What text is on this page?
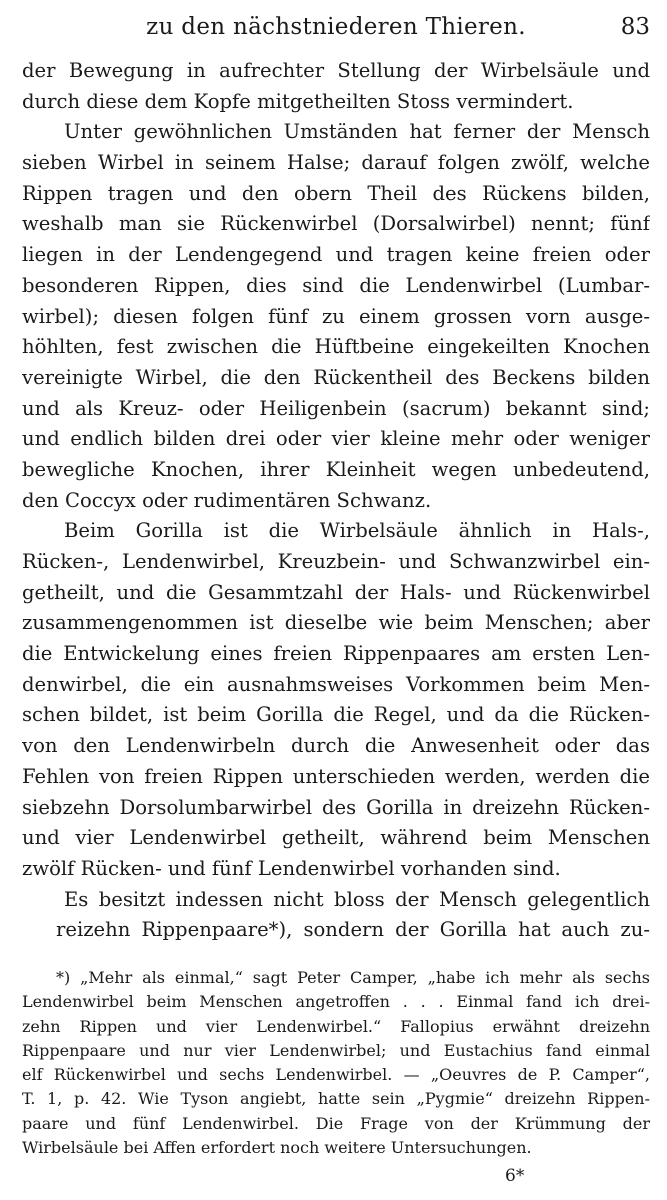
zu den nächstniederen Thieren.	83
der Bewegung in aufrechter Stellung der Wirbelsäule und
durch diese dem Kopfe mitgetheilten Stoss vermindert.
Unter gewöhnlichen Umständen hat ferner der Mensch
sieben Wirbel in seinem Halse; darauf folgen zwölf, welche
Rippen tragen und den obern Theil des Rückens bilden,
weshalb man sie Rückenwirbel (Dorsalwirbel) nennt; fünf
liegen in der Lendengegend und tragen keine freien oder
besonderen Rippen, dies sind die Lendenwirbel (Lumbar-
wirbel); diesen folgen fünf zu einem grossen vorn ausge-
höhlten, fest zwischen die Hüftbeine eingekeilten Knochen
vereinigte Wirbel, die den Rückentheil des Beckens bilden
und als Kreuz- oder Heiligenbein (sacrum) bekannt sind;
und endlich bilden drei oder vier kleine mehr oder weniger
bewegliche Knochen, ihrer Kleinheit wegen unbedeutend,
den Coccyx oder rudimentären Schwanz.
Beim Gorilla ist die Wirbelsäule ähnlich in Hals-,
Rücken-, Lendenwirbel, Kreuzbein- und Schwanzwirbel ein-
getheilt, und die Gesammtzahl der Hals- und Rückenwirbel
zusammengenommen ist dieselbe wie beim Menschen; aber
die Entwickelung eines freien Rippenpaares am ersten Len-
denwirbel, die ein ausnahmsweises Vorkommen beim Men-
schen bildet, ist beim Gorilla die Regel, und da die Rücken-
von den Lendenwirbeln durch die Anwesenheit oder das
Fehlen von freien Rippen unterschieden werden, werden die
siebzehn Dorsolumbarwirbel des Gorilla in dreizehn Rücken-
und vier Lendenwirbel getheilt, während beim Menschen
zwölf Rücken- und fünf Lendenwirbel vorhanden sind.
Es besitzt indessen nicht bloss der Mensch gelegentlich
reizehn Rippenpaare*), sondern der Gorilla hat auch zu-
*) „Mehr als einmal,“ sagt Peter Camper, „habe ich mehr als sechs
Lendenwirbel beim Menschen angetroffen . . . Einmal fand ich drei-
zehn Rippen und vier Lendenwirbel.“ Fallopius erwähnt dreizehn
Rippenpaare und nur vier Lendenwirbel; und Eustachius fand einmal
elf Rückenwirbel und sechs Lendenwirbel. — „Oeuvres de P. Camper“,
T. 1, p. 42. Wie Tyson angiebt, hatte sein „Pygmie“ dreizehn Rippen-
paare und fünf Lendenwirbel. Die Frage von der Krümmung der
Wirbelsäule bei Affen erfordert noch weitere Untersuchungen.
6*
